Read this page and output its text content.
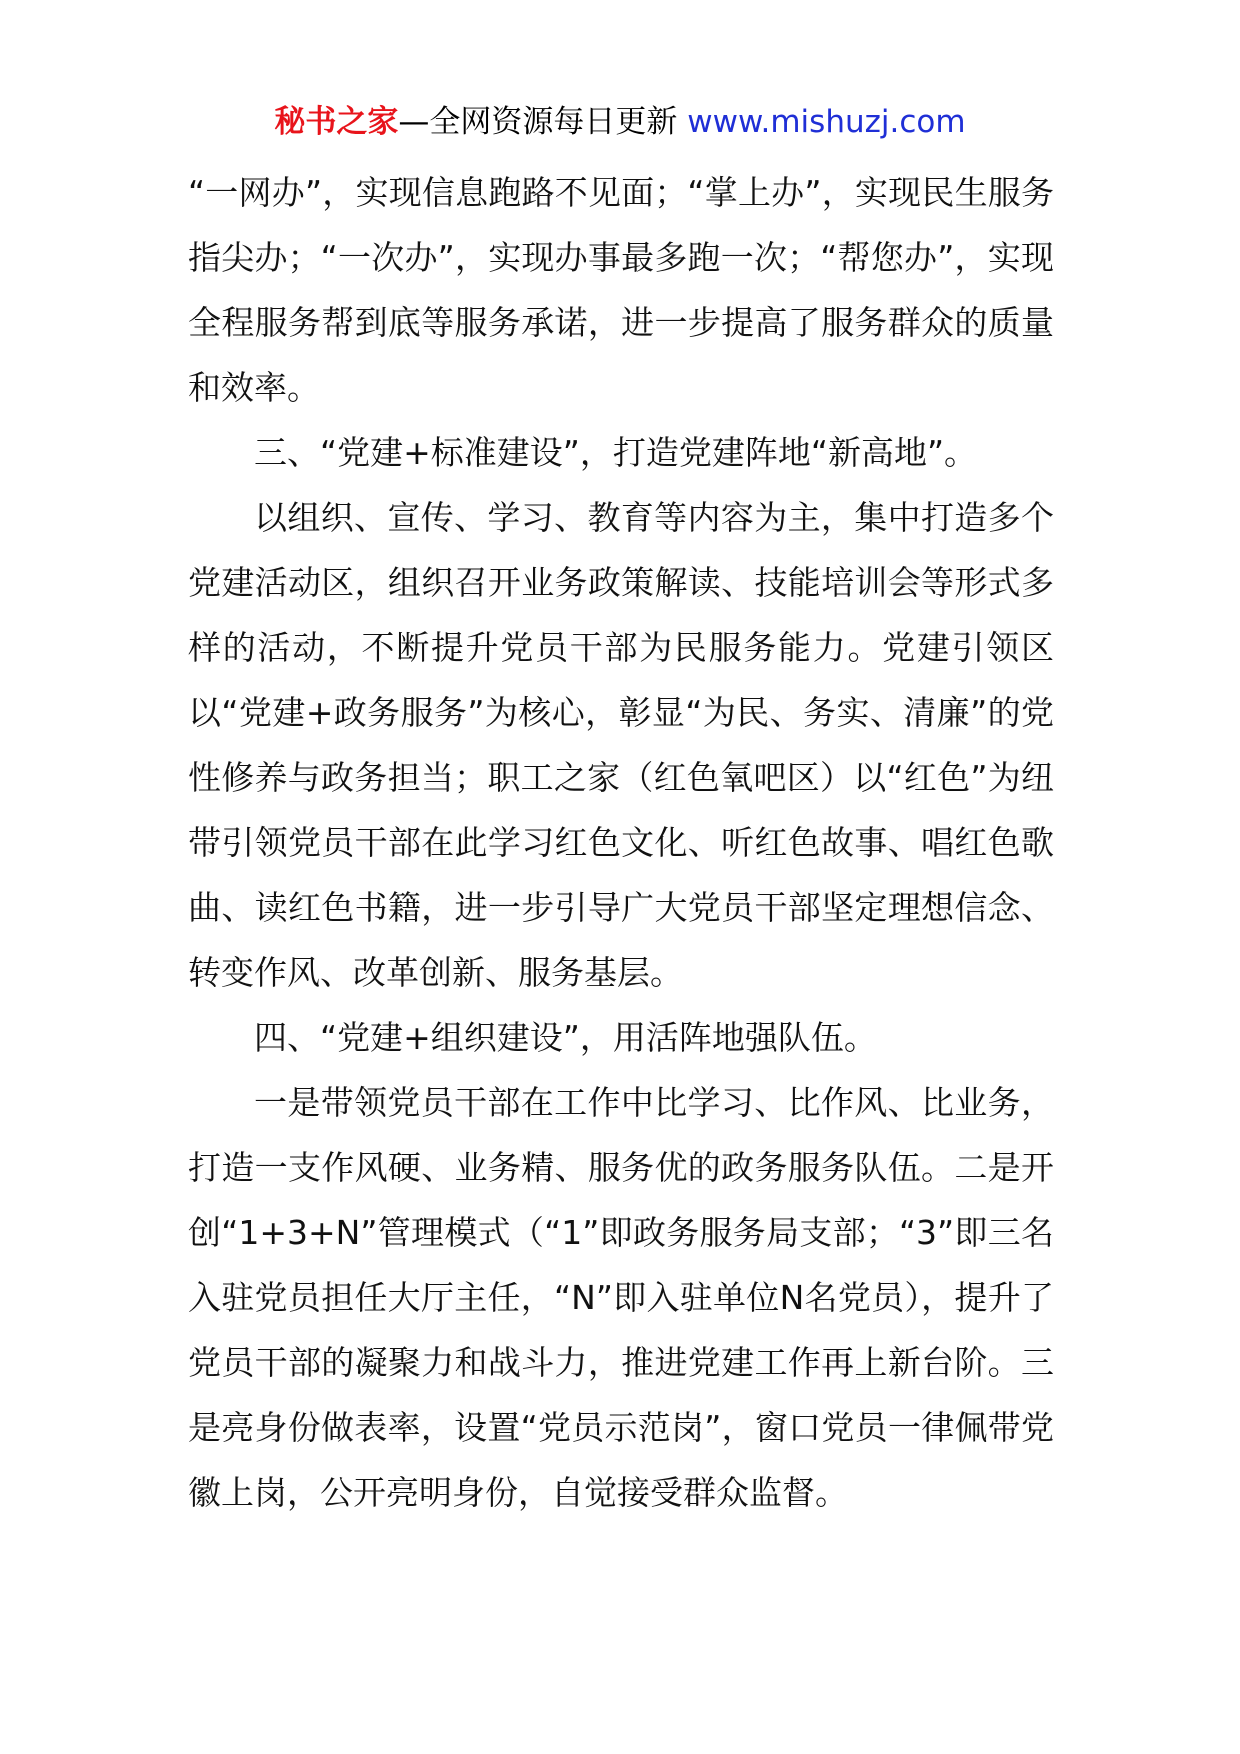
秘书之家—全网资源每日更新 www.mishuzj.com

“一网办”，实现信息跑路不见面；“掌上办”，实现民生服务指尖办；“一次办”，实现办事最多跑一次；“帮您办”，实现全程服务帮到底等服务承诺，进一步提高了服务群众的质量和效率。

三、“党建+标准建设”，打造党建阵地“新高地”。

以组织、宣传、学习、教育等内容为主，集中打造多个党建活动区，组织召开业务政策解读、技能培训会等形式多样的活动，不断提升党员干部为民服务能力。党建引领区以“党建+政务服务”为核心，彰显“为民、务实、清廉”的党性修养与政务担当；职工之家（红色氧吧区）以“红色”为纽带引领党员干部在此学习红色文化、听红色故事、唱红色歌曲、读红色书籍，进一步引导广大党员干部坚定理想信念、转变作风、改革创新、服务基层。

四、“党建+组织建设”，用活阵地强队伍。

一是带领党员干部在工作中比学习、比作风、比业务，打造一支作风硬、业务精、服务优的政务服务队伍。二是开创“1+3+N”管理模式（“1”即政务服务局支部；“3”即三名入驻党员担任大厅主任，“N”即入驻单位N名党员），提升了党员干部的凝聚力和战斗力，推进党建工作再上新台阶。三是亮身份做表率，设置“党员示范岗”，窗口党员一律佩带党徽上岗，公开亮明身份，自觉接受群众监督。
